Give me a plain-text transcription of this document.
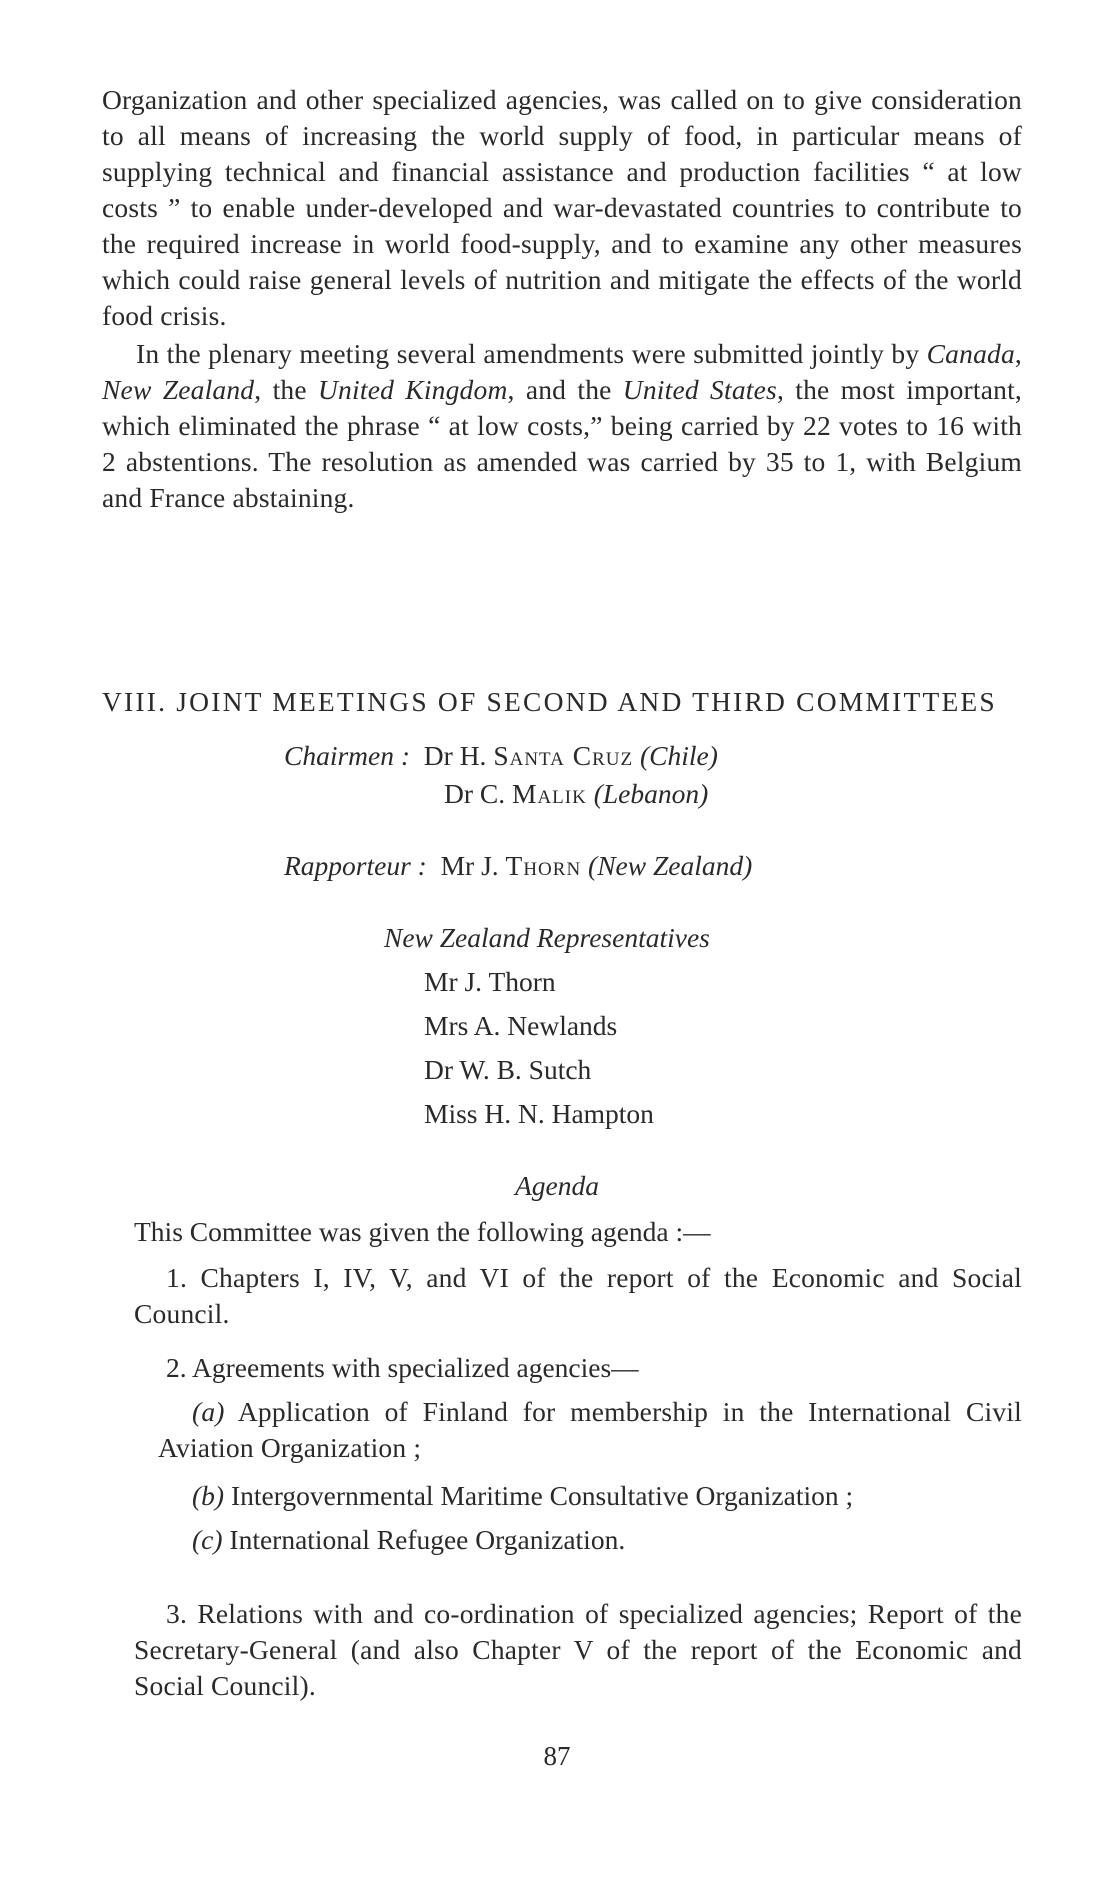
Organization and other specialized agencies, was called on to give consideration to all means of increasing the world supply of food, in particular means of supplying technical and financial assistance and production facilities “ at low costs ” to enable under-developed and war-devastated countries to contribute to the required increase in world food-supply, and to examine any other measures which could raise general levels of nutrition and mitigate the effects of the world food crisis.

In the plenary meeting several amendments were submitted jointly by Canada, New Zealand, the United Kingdom, and the United States, the most important, which eliminated the phrase “ at low costs,” being carried by 22 votes to 16 with 2 abstentions. The resolution as amended was carried by 35 to 1, with Belgium and France abstaining.

VIII. JOINT MEETINGS OF SECOND AND THIRD COMMITTEES

Chairmen : Dr H. Santa Cruz (Chile)

Dr C. Malik (Lebanon)

Rapporteur : Mr J. Thorn (New Zealand)

New Zealand Representatives

Mr J. Thorn

Mrs A. Newlands

Dr W. B. Sutch

Miss H. N. Hampton

Agenda

This Committee was given the following agenda :—

1. Chapters I, IV, V, and VI of the report of the Economic and Social Council.

2. Agreements with specialized agencies—

(a) Application of Finland for membership in the International Civil Aviation Organization ;

(b) Intergovernmental Maritime Consultative Organization ;

(c) International Refugee Organization.

3. Relations with and co-ordination of specialized agencies; Report of the Secretary-General (and also Chapter V of the report of the Economic and Social Council).

87
